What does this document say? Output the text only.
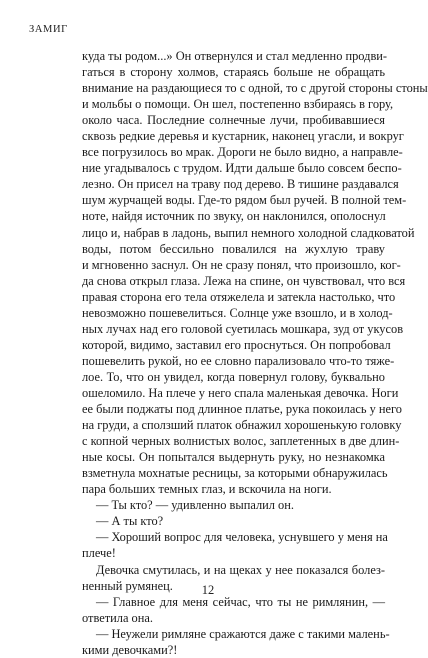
ЗАМИГ
куда ты родом...» Он отвернулся и стал медленно продви-
гаться в сторону холмов, стараясь больше не обращать
внимание на раздающиеся то с одной, то с другой стороны стоны
и мольбы о помощи. Он шел, постепенно взбираясь в гору,
около часа. Последние солнечные лучи, пробивавшиеся
сквозь редкие деревья и кустарник, наконец угасли, и вокруг
все погрузилось во мрак. Дороги не было видно, а направле-
ние угадывалось с трудом. Идти дальше было совсем беспо-
лезно. Он присел на траву под дерево. В тишине раздавался
шум журчащей воды. Где-то рядом был ручей. В полной тем-
ноте, найдя источник по звуку, он наклонился, ополоснул
лицо и, набрав в ладонь, выпил немного холодной сладковатой
воды, потом бессильно повалился на жухлую траву
и мгновенно заснул. Он не сразу понял, что произошло, ког-
да снова открыл глаза. Лежа на спине, он чувствовал, что вся
правая сторона его тела отяжелела и затекла настолько, что
невозможно пошевелиться. Солнце уже взошло, и в холод-
ных лучах над его головой суетилась мошкара, зуд от укусов
которой, видимо, заставил его проснуться. Он попробовал
пошевелить рукой, но ее словно парализовало что-то тяже-
лое. То, что он увидел, когда повернул голову, буквально
ошеломило. На плече у него спала маленькая девочка. Ноги
ее были поджаты под длинное платье, рука покоилась у него
на груди, а сползший платок обнажил хорошенькую головку
с копной черных волнистых волос, заплетенных в две длин-
ные косы. Он попытался выдернуть руку, но незнакомка
взметнула мохнатые ресницы, за которыми обнаружилась
пара больших темных глаз, и вскочила на ноги.
— Ты кто? — удивленно выпалил он.
— А ты кто?
— Хороший вопрос для человека, уснувшего у меня на
плече!
Девочка смутилась, и на щеках у нее показался болез-
ненный румянец.
— Главное для меня сейчас, что ты не римлянин, —
ответила она.
— Неужели римляне сражаются даже с такими малень-
кими девочками?!
12
